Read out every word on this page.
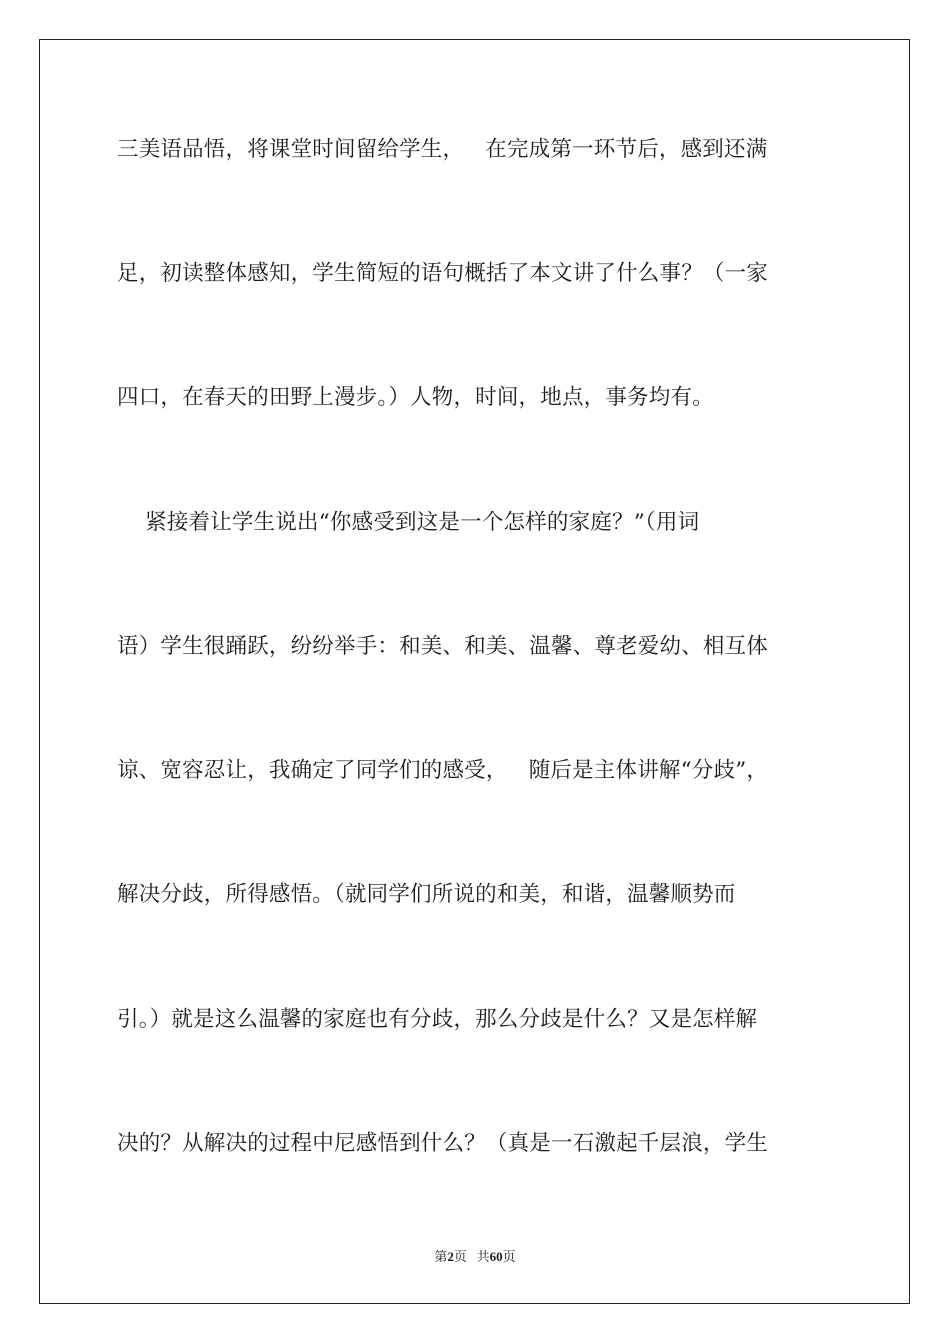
三美语品悟，将课堂时间留给学生，   在完成第一环节后，感到还满
足，初读整体感知，学生简短的语句概括了本文讲了什么事？（一家
四口，在春天的田野上漫步。）人物，时间，地点，事务均有。
紧接着让学生说出“你感受到这是一个怎样的家庭？”（用词
语）学生很踊跃，纷纷举手：和美、和美、温馨、尊老爱幼、相互体
谅、宽容忍让，我确定了同学们的感受，   随后是主体讲解“分歧”，
解决分歧，所得感悟。（就同学们所说的和美，和谐，温馨顺势而
引。）就是这么温馨的家庭也有分歧，那么分歧是什么？又是怎样解
决的？从解决的过程中尼感悟到什么？（真是一石激起千层浪，学生
第2页 共60页
